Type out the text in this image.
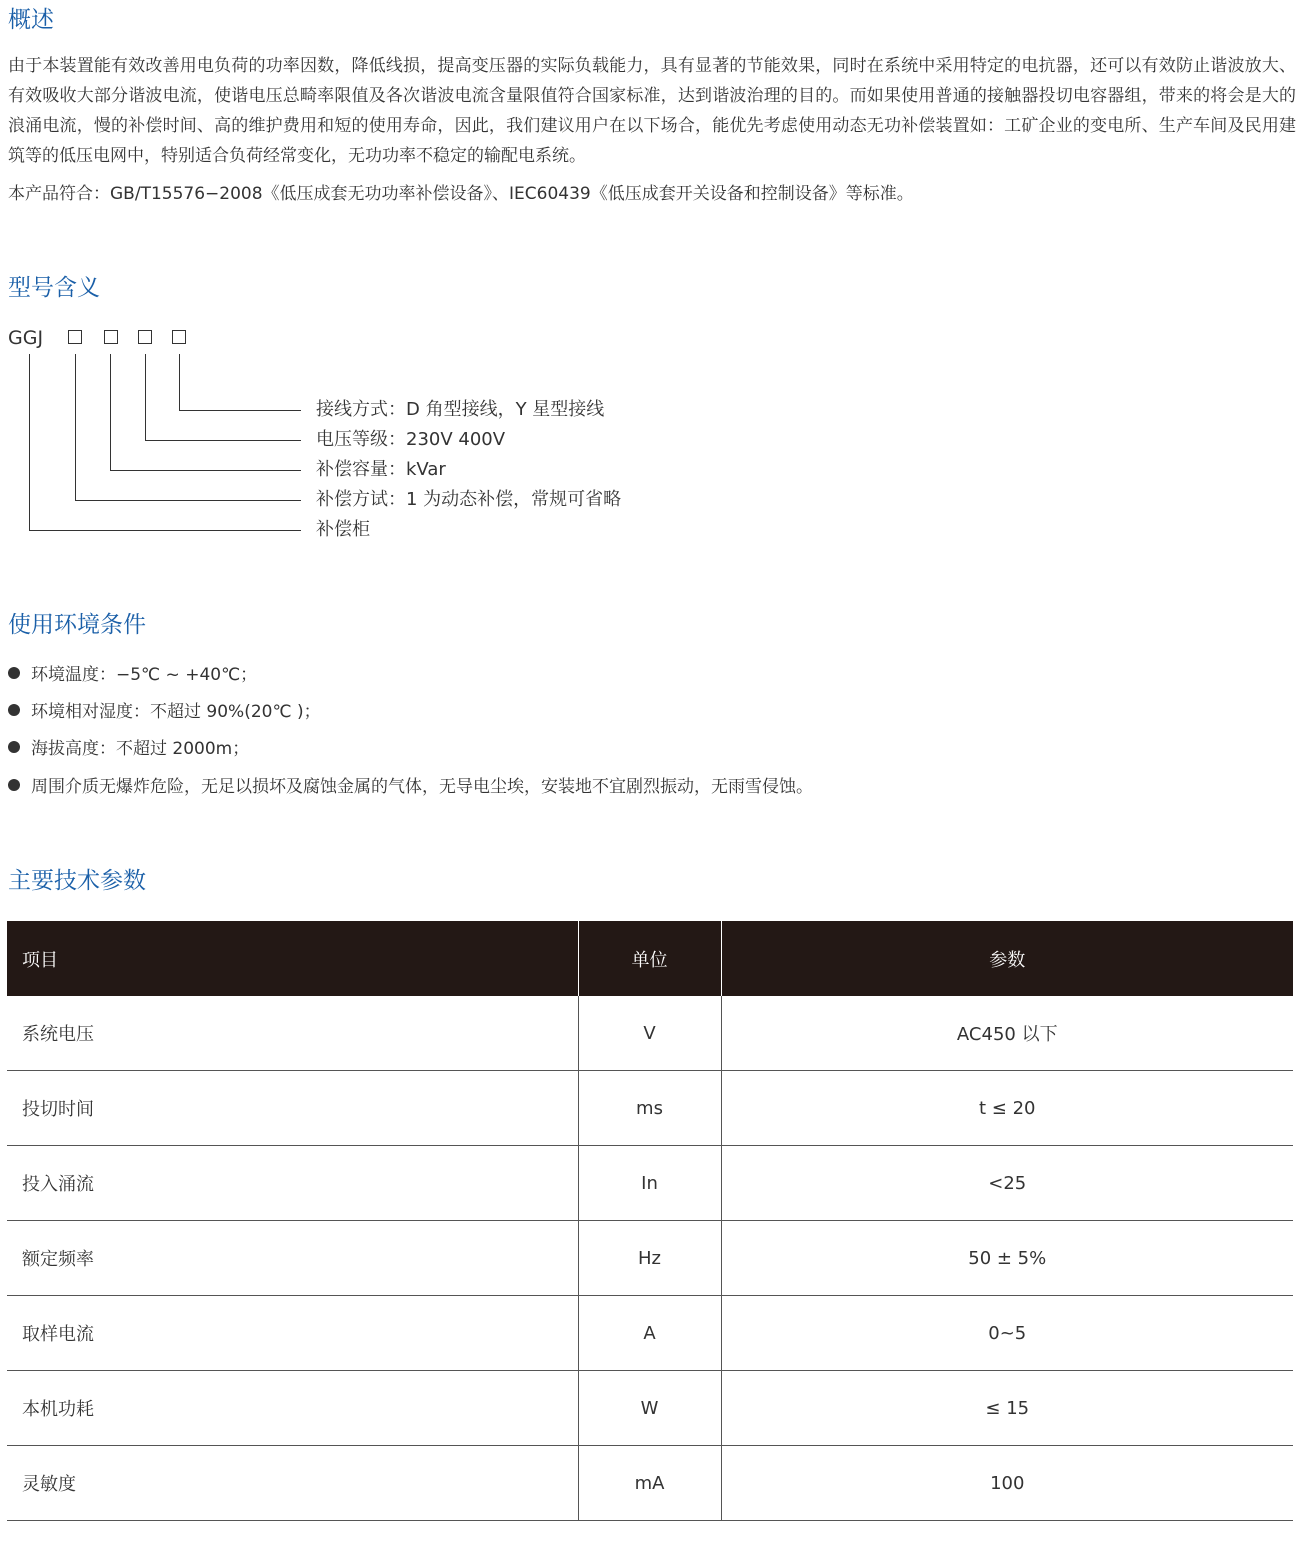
概述

由于本装置能有效改善用电负荷的功率因数，降低线损，提高变压器的实际负载能力，具有显著的节能效果，同时在系统中采用特定的电抗器，还可以有效防止谐波放大、有效吸收大部分谐波电流，使谐电压总畸率限值及各次谐波电流含量限值符合国家标准，达到谐波治理的目的。而如果使用普通的接触器投切电容器组，带来的将会是大的浪涌电流，慢的补偿时间、高的维护费用和短的使用寿命，因此，我们建议用户在以下场合，能优先考虑使用动态无功补偿装置如：工矿企业的变电所、生产车间及民用建筑等的低压电网中，特别适合负荷经常变化，无功功率不稳定的输配电系统。

本产品符合：GB/T15576−2008《低压成套无功功率补偿设备》、IEC60439《低压成套开关设备和控制设备》等标准。

型号含义
GGJ
接线方式：D 角型接线，Y 星型接线
电压等级：230V 400V
补偿容量：kVar
补偿方试：1 为动态补偿，常规可省略
补偿柜
使用环境条件
环境温度：−5℃ ~ +40℃；
环境相对湿度：不超过 90%(20℃ )；
海拔高度：不超过 2000m；
周围介质无爆炸危险，无足以损坏及腐蚀金属的气体，无导电尘埃，安装地不宜剧烈振动，无雨雪侵蚀。
主要技术参数
项目	单位	参数
系统电压	V	AC450 以下
投切时间	ms	t ≤ 20
投入涌流	In	<25
额定频率	Hz	50 ± 5%
取样电流	A	0~5
本机功耗	W	≤ 15
灵敏度	mA	100
